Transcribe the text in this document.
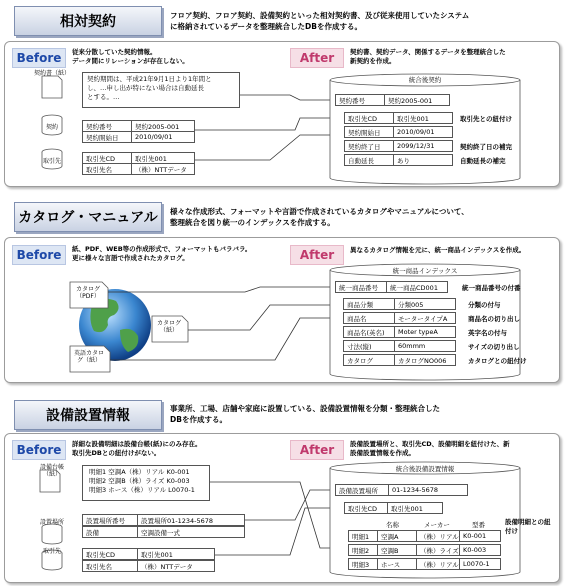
相対契約	フロア契約、フロア契約、設備契約といった相対契約書、及び従来使用していたシステム
に格納されているデータを整理統合したDBを作成する。
Before	従来分散していた契約情報。
データ間にリレーションが存在しない。	After	契約書、契約データ、関係するデータを整理統合した
新契約を作成。
契約書（紙）
契約
取引先
契約期間は、平成21年9月1日より1年間と
し、…申し出が特にない場合は自動延長
とする。…
契約番号	契約2005-001
契約開始日	2010/09/01
取引先CD	取引先001
取引先名	（株）NTTデータ
統合後契約
契約番号	契約2005-001
取引先CD	取引先001	取引先との紐付け
契約開始日	2010/09/01
契約終了日	2099/12/31	契約終了日の補完
自動延長	あり	自動延長の補完
カタログ・マニュアル	様々な作成形式、フォーマットや言語で作成されているカタログやマニュアルについて、
整理統合を図り統一のインデックスを作成する。
Before	紙、PDF、WEB等の作成形式で、フォーマットもバラバラ。
更に様々な言語で作成されたカタログ。	After	異なるカタログ情報を元に、統一商品インデックスを作成。
カタログ（PDF）
カタログ（紙）
英語カタログ（紙）
統一商品インデックス
統一商品番号	統一商品CD001	統一商品番号の付番
商品分類	分類005	分類の付与
商品名	モータータイプA	商品名の切り出し
商品名(英名)	Moter typeA	英字名の付与
寸法(縦)	60mmm	サイズの切り出し
カタログ	カタログNO006	カタログとの紐付け
設備設置情報	事業所、工場、店舗や家庭に設置している、設備設置情報を分類・整理統合した
DBを作成する。
Before	詳細な設備明細は設備台帳(紙)にのみ存在。
取引先DBとの紐付けがない。	After	設備設置場所と、取引先CD、設備明細を紐付けた、新
設備設置情報を作成。
設備台帳（紙）
設置場所
取引先
明細1 空調A（株）リアル K0-001
明細2 空調B（株）ライズ K0-003
明細3 ホース（株）リアル L0070-1
設置場所番号	設置場所01-1234-5678
設備	空調設備一式
取引先CD	取引先001
取引先名	（株）NTTデータ
統合後設備設置情報
設備設置場所	01-1234-5678
取引先CD	取引先001
名称	メーカー	型番	設備明細との紐付け
明細1	空調A	（株）リアル K0-001
明細2	空調B	（株）ライズ K0-003
明細3	ホース	（株）リアル L0070-1
